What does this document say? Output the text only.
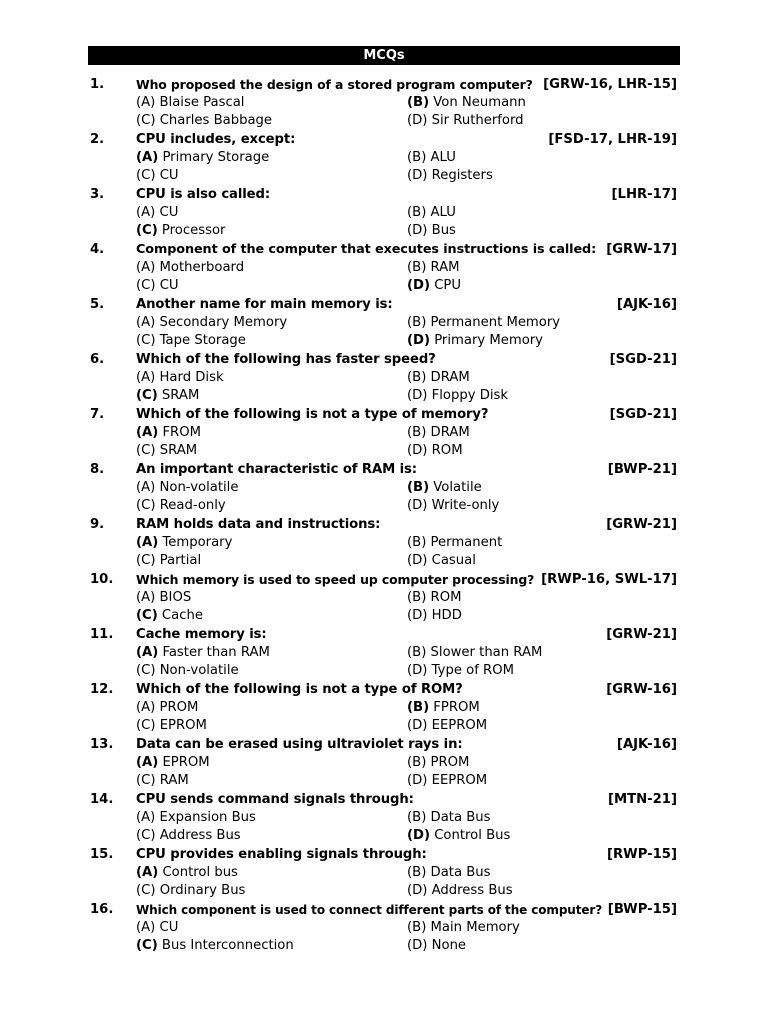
MCQs
1.	Who proposed the design of a stored program computer? [GRW-16, LHR-15]
(A) Blaise Pascal	(B) Von Neumann
(C) Charles Babbage	(D) Sir Rutherford
2. CPU includes, except:	[FSD-17, LHR-19]
(A) Primary Storage	(B) ALU
(C) CU	(D) Registers
3. CPU is also called:	[LHR-17]
(A) CU	(B) ALU
(C) Processor	(D) Bus
4. Component of the computer that executes instructions is called: [GRW-17]
(A) Motherboard	(B) RAM
(C) CU	(D) CPU
5. Another name for main memory is:	[AJK-16]
(A) Secondary Memory	(B) Permanent Memory
(C) Tape Storage	(D) Primary Memory
6. Which of the following has faster speed?	[SGD-21]
(A) Hard Disk	(B) DRAM
(C) SRAM	(D) Floppy Disk
7. Which of the following is not a type of memory?	[SGD-21]
(A) FROM	(B) DRAM
(C) SRAM	(D) ROM
8. An important characteristic of RAM is:	[BWP-21]
(A) Non-volatile	(B) Volatile
(C) Read-only	(D) Write-only
9. RAM holds data and instructions:	[GRW-21]
(A) Temporary	(B) Permanent
(C) Partial	(D) Casual
10. Which memory is used to speed up computer processing? [RWP-16, SWL-17]
(A) BIOS	(B) ROM
(C) Cache	(D) HDD
11. Cache memory is:	[GRW-21]
(A) Faster than RAM	(B) Slower than RAM
(C) Non-volatile	(D) Type of ROM
12. Which of the following is not a type of ROM?	[GRW-16]
(A) PROM	(B) FPROM
(C) EPROM	(D) EEPROM
13. Data can be erased using ultraviolet rays in:	[AJK-16]
(A) EPROM	(B) PROM
(C) RAM	(D) EEPROM
14. CPU sends command signals through:	[MTN-21]
(A) Expansion Bus	(B) Data Bus
(C) Address Bus	(D) Control Bus
15. CPU provides enabling signals through:	[RWP-15]
(A) Control bus	(B) Data Bus
(C) Ordinary Bus	(D) Address Bus
16. Which component is used to connect different parts of the computer? [BWP-15]
(A) CU	(B) Main Memory
(C) Bus Interconnection	(D) None
